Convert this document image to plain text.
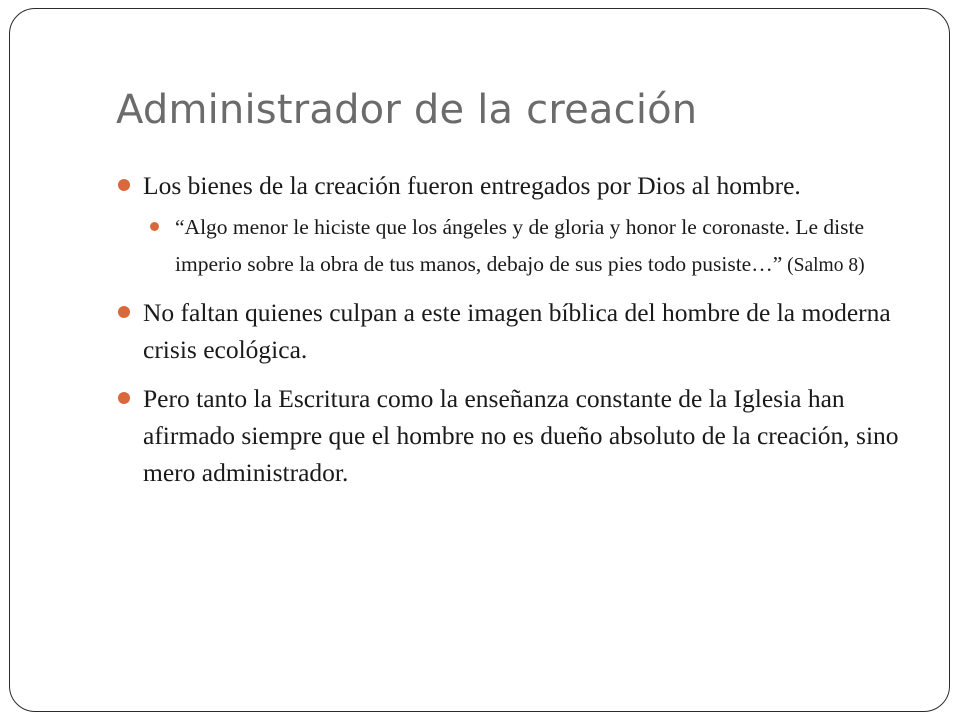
Administrador de la creación
Los bienes de la creación fueron entregados por Dios al hombre.
“Algo menor le hiciste que los ángeles y de gloria y honor le coronaste. Le diste imperio sobre la obra de tus manos, debajo de sus pies todo pusiste…” (Salmo 8)
No faltan quienes culpan a este imagen bíblica del hombre de la moderna crisis ecológica.
Pero tanto la Escritura como la enseñanza constante de la Iglesia han afirmado siempre que el hombre no es dueño absoluto de la creación, sino mero administrador.
